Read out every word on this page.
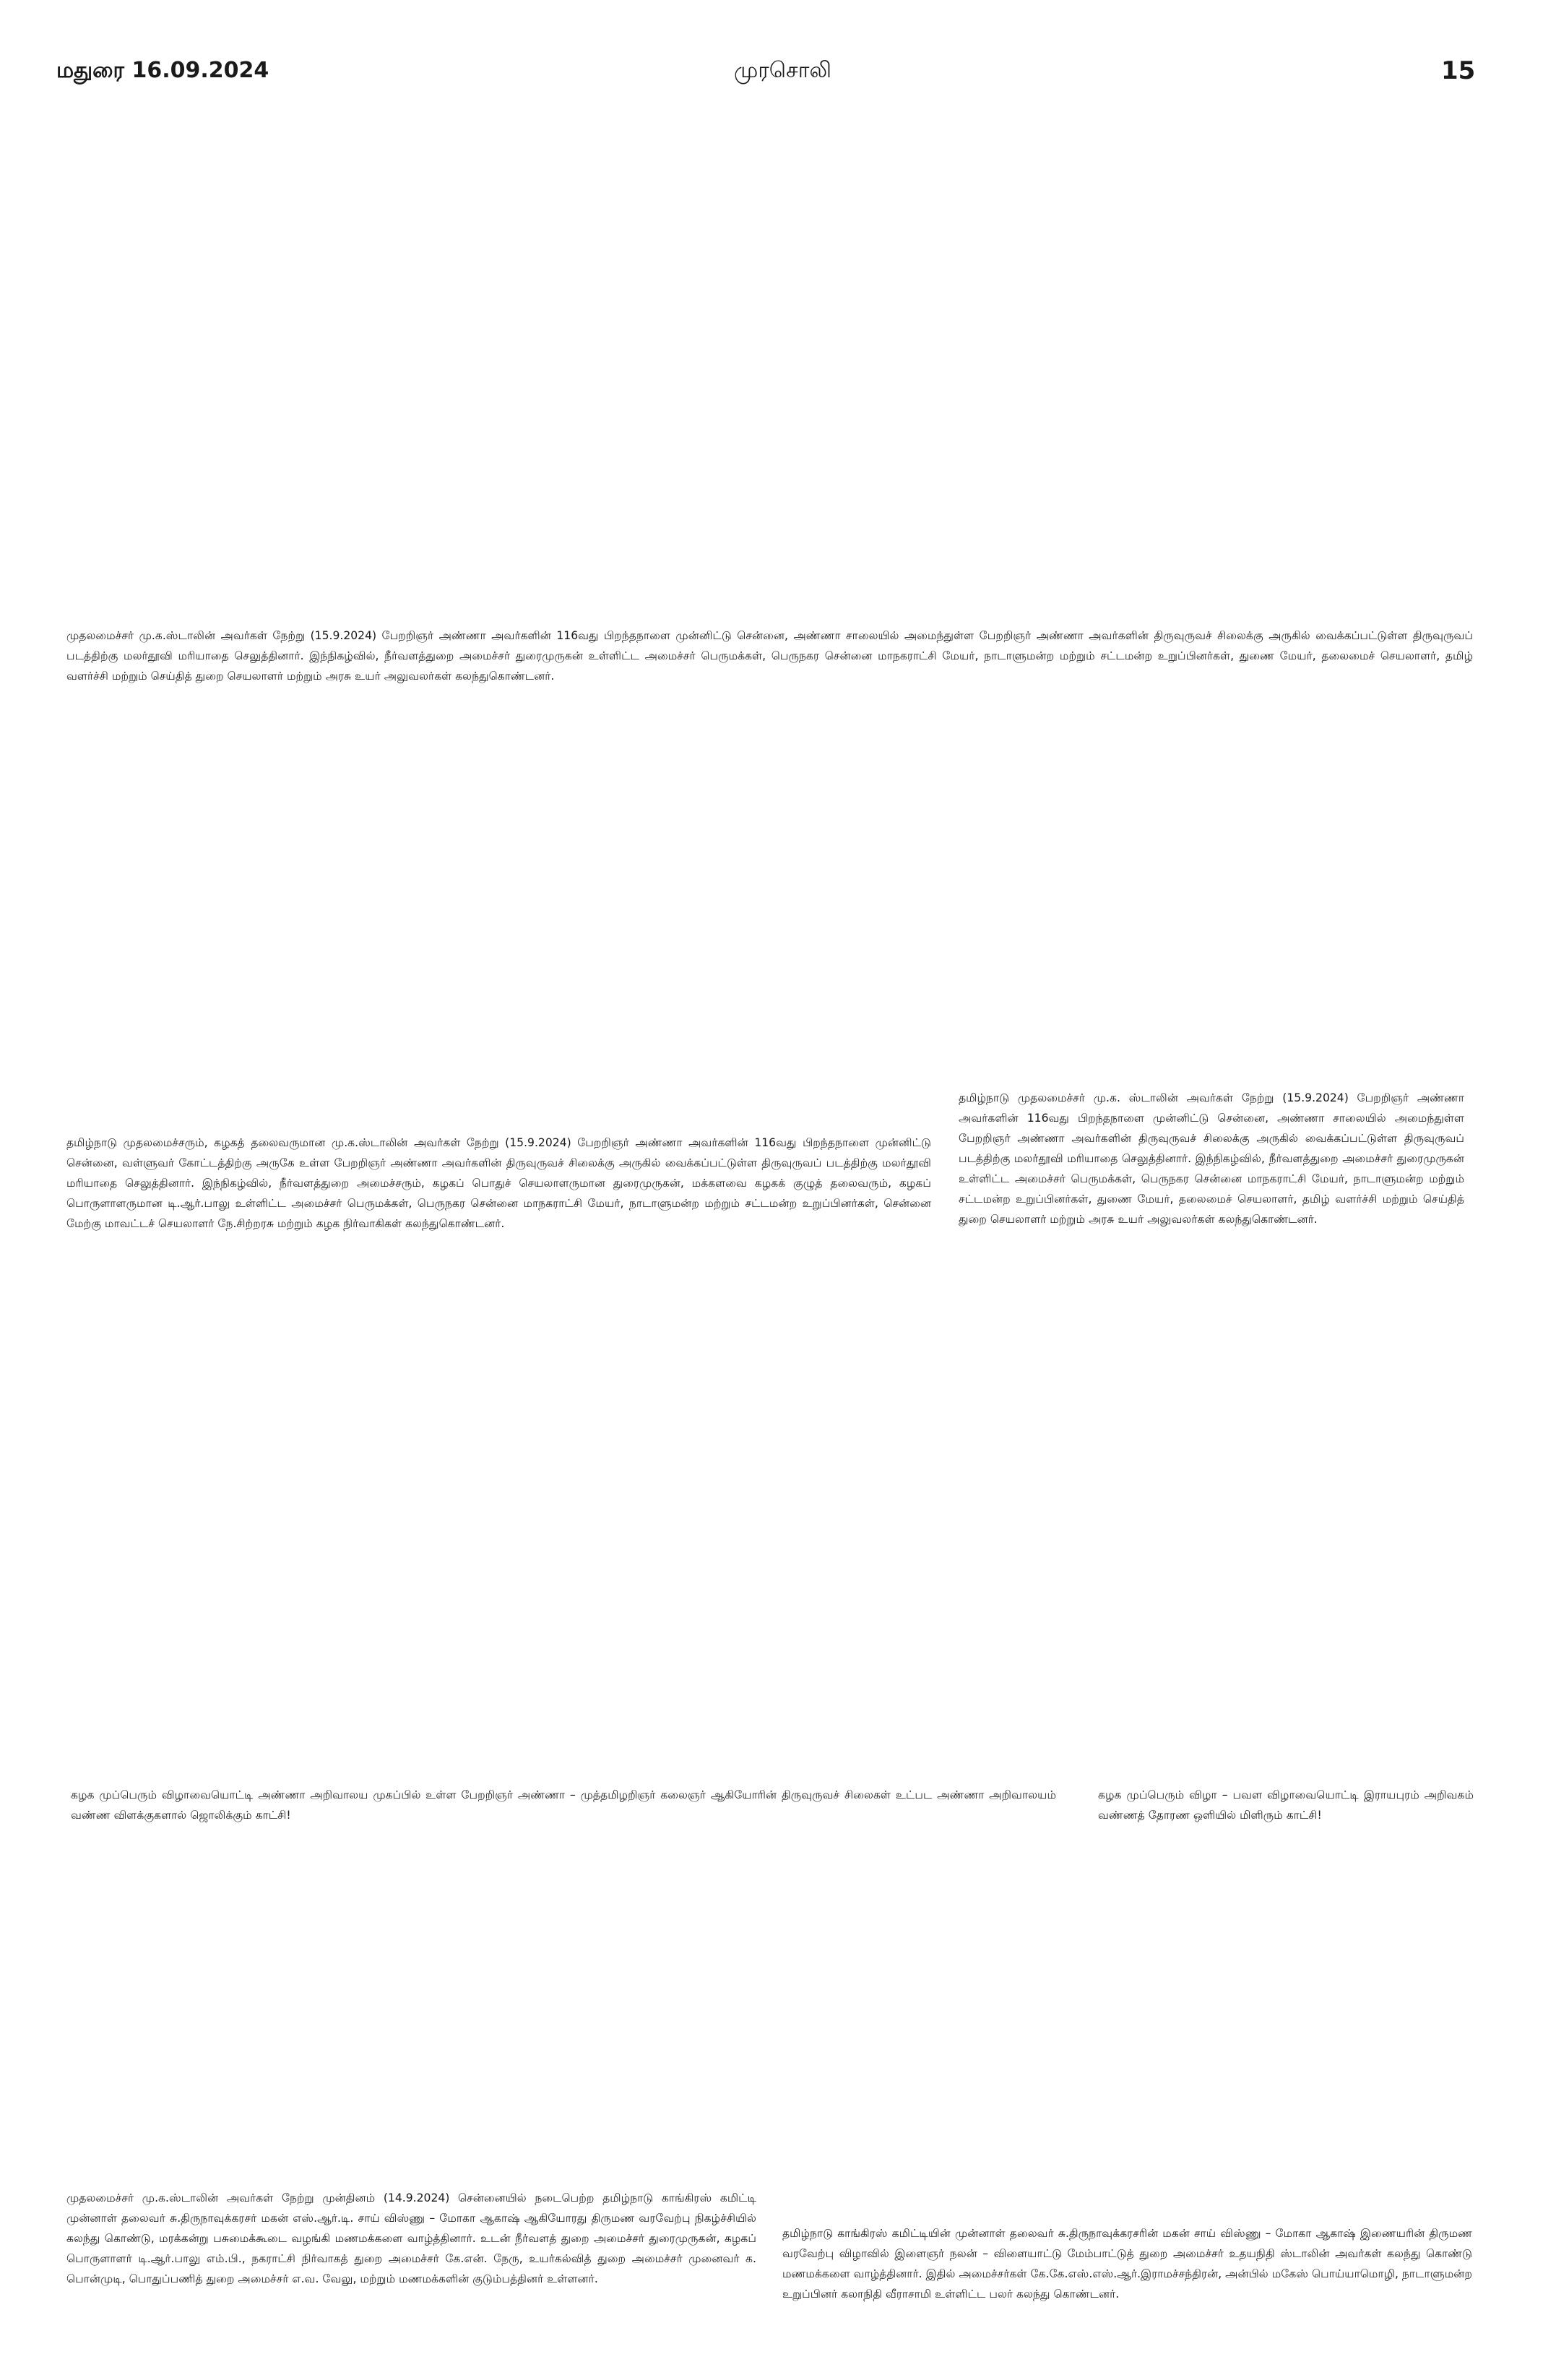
மதுரை 16.09.2024	முரசொலி	15

முதலமைச்சர் மு.க.ஸ்டாலின் அவர்கள் நேற்று (15.9.2024) பேறறிஞர் அண்ணா அவர்களின் 116வது பிறந்தநாளை முன்னிட்டு சென்னை, அண்ணா சாலையில் அமைந்துள்ள பேறறிஞர் அண்ணா அவர்களின் திருவுருவச் சிலைக்கு அருகில் வைக்கப்பட்டுள்ள திருவுருவப் படத்திற்கு மலர்தூவி மரியாதை செலுத்தினார். இந்நிகழ்வில், நீர்வளத்துறை அமைச்சர் துரைமுருகன் உள்ளிட்ட அமைச்சர் பெருமக்கள், பெருநகர சென்னை மாநகராட்சி மேயர், நாடாளுமன்ற மற்றும் சட்டமன்ற உறுப்பினர்கள், துணை மேயர், தலைமைச் செயலாளர், தமிழ் வளர்ச்சி மற்றும் செய்தித் துறை செயலாளர் மற்றும் அரசு உயர் அலுவலர்கள் கலந்துகொண்டனர்.

தமிழ்நாடு முதலமைச்சரும், கழகத் தலைவருமான மு.க.ஸ்டாலின் அவர்கள் நேற்று (15.9.2024) பேறறிஞர் அண்ணா அவர்களின் 116வது பிறந்தநாளை முன்னிட்டு சென்னை, வள்ளுவர் கோட்டத்திற்கு அருகே உள்ள பேறறிஞர் அண்ணா அவர்களின் திருவுருவச் சிலைக்கு அருகில் வைக்கப்பட்டுள்ள திருவுருவப் படத்திற்கு மலர்தூவி மரியாதை செலுத்தினார். இந்நிகழ்வில், நீர்வளத்துறை அமைச்சரும், கழகப் பொதுச் செயலாளருமான துரைமுருகன், மக்களவை கழகக் குழுத் தலைவரும், கழகப் பொருளாளருமான டி.ஆர்.பாலு உள்ளிட்ட அமைச்சர் பெருமக்கள், பெருநகர சென்னை மாநகராட்சி மேயர், நாடாளுமன்ற மற்றும் சட்டமன்ற உறுப்பினர்கள், சென்னை மேற்கு மாவட்டச் செயலாளர் நே.சிற்றரசு மற்றும் கழக நிர்வாகிகள் கலந்துகொண்டனர்.

தமிழ்நாடு முதலமைச்சர் மு.க. ஸ்டாலின் அவர்கள் நேற்று (15.9.2024) பேறறிஞர் அண்ணா அவர்களின் 116வது பிறந்தநாளை முன்னிட்டு சென்னை, அண்ணா சாலையில் அமைந்துள்ள பேறறிஞர் அண்ணா அவர்களின் திருவுருவச் சிலைக்கு அருகில் வைக்கப்பட்டுள்ள திருவுருவப் படத்திற்கு மலர்தூவி மரியாதை செலுத்தினார். இந்நிகழ்வில், நீர்வளத்துறை அமைச்சர் துரைமுருகன் உள்ளிட்ட அமைச்சர் பெருமக்கள், பெருநகர சென்னை மாநகராட்சி மேயர், நாடாளுமன்ற மற்றும் சட்டமன்ற உறுப்பினர்கள், துணை மேயர், தலைமைச் செயலாளர், தமிழ் வளர்ச்சி மற்றும் செய்தித் துறை செயலாளர் மற்றும் அரசு உயர் அலுவலர்கள் கலந்துகொண்டனர்.

கழக முப்பெரும் விழாவையொட்டி அண்ணா அறிவாலய முகப்பில் உள்ள பேறறிஞர் அண்ணா – முத்தமிழறிஞர் கலைஞர் ஆகியோரின் திருவுருவச் சிலைகள் உட்பட அண்ணா அறிவாலயம் வண்ண விளக்குகளால் ஜொலிக்கும் காட்சி!

கழக முப்பெரும் விழா – பவள விழாவையொட்டி இராயபுரம் அறிவகம் வண்ணத் தோரண ஒளியில் மிளிரும் காட்சி!

முதலமைச்சர் மு.க.ஸ்டாலின் அவர்கள் நேற்று முன்தினம் (14.9.2024) சென்னையில் நடைபெற்ற தமிழ்நாடு காங்கிரஸ் கமிட்டி முன்னாள் தலைவர் சு.திருநாவுக்கரசர் மகன் எஸ்.ஆர்.டி. சாய் விஸ்ணு – மோகா ஆகாஷ் ஆகியோரது திருமண வரவேற்பு நிகழ்ச்சியில் கலந்து கொண்டு, மரக்கன்று பசுமைக்கூடை வழங்கி மணமக்களை வாழ்த்தினார். உடன் நீர்வளத் துறை அமைச்சர் துரைமுருகன், கழகப் பொருளாளர் டி.ஆர்.பாலு எம்.பி., நகராட்சி நிர்வாகத் துறை அமைச்சர் கே.என். நேரு, உயர்கல்வித் துறை அமைச்சர் முனைவர் க. பொன்முடி, பொதுப்பணித் துறை அமைச்சர் எ.வ. வேலு, மற்றும் மணமக்களின் குடும்பத்தினர் உள்ளனர்.

தமிழ்நாடு காங்கிரஸ் கமிட்டியின் முன்னாள் தலைவர் சு.திருநாவுக்கரசரின் மகன் சாய் விஸ்ணு – மோகா ஆகாஷ் இணையரின் திருமண வரவேற்பு விழாவில் இளைஞர் நலன் – விளையாட்டு மேம்பாட்டுத் துறை அமைச்சர் உதயநிதி ஸ்டாலின் அவர்கள் கலந்து கொண்டு மணமக்களை வாழ்த்தினார். இதில் அமைச்சர்கள் கே.கே.எஸ்.எஸ்.ஆர்.இராமச்சந்திரன், அன்பில் மகேஸ் பொய்யாமொழி, நாடாளுமன்ற உறுப்பினர் கலாநிதி வீராசாமி உள்ளிட்ட பலர் கலந்து கொண்டனர்.
